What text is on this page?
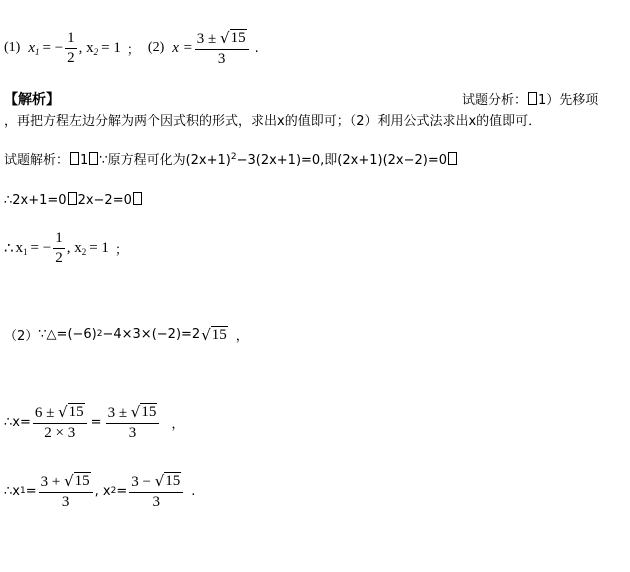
(1) $x_1$ = − $\frac{1}{2}$ , $x_2 = 1$ ； (2) $x = \frac{3 \pm √ 15}{3}$ .
【解析】	试题分析： 1）先移项
，再把方程左边分解为两个因式积的形式，求出x的值即可；（2）利用公式法求出x的值即可．
试题解析： 1 ∵原方程可化为$(2x+1)^2-3(2x+1)=0$,即(2x+1)(2x−2)=0
∴2x+1=0 2x−2=0
∴ $x_1$ = − $\frac{1}{2}$ , $x_2 = 1$ ；
（2） ∵△=(−6) 2 −4×3×(−2)=2 √ 15 ，
∴x= $\frac{6 \pm √ 15}{2 \times 3} = \frac{3 \pm √ 15}{3}$ ，
∴x $1 = \frac{3 + √ 15}{3}$ , x $2 = \frac{3 - √ 15}{3}$ .
